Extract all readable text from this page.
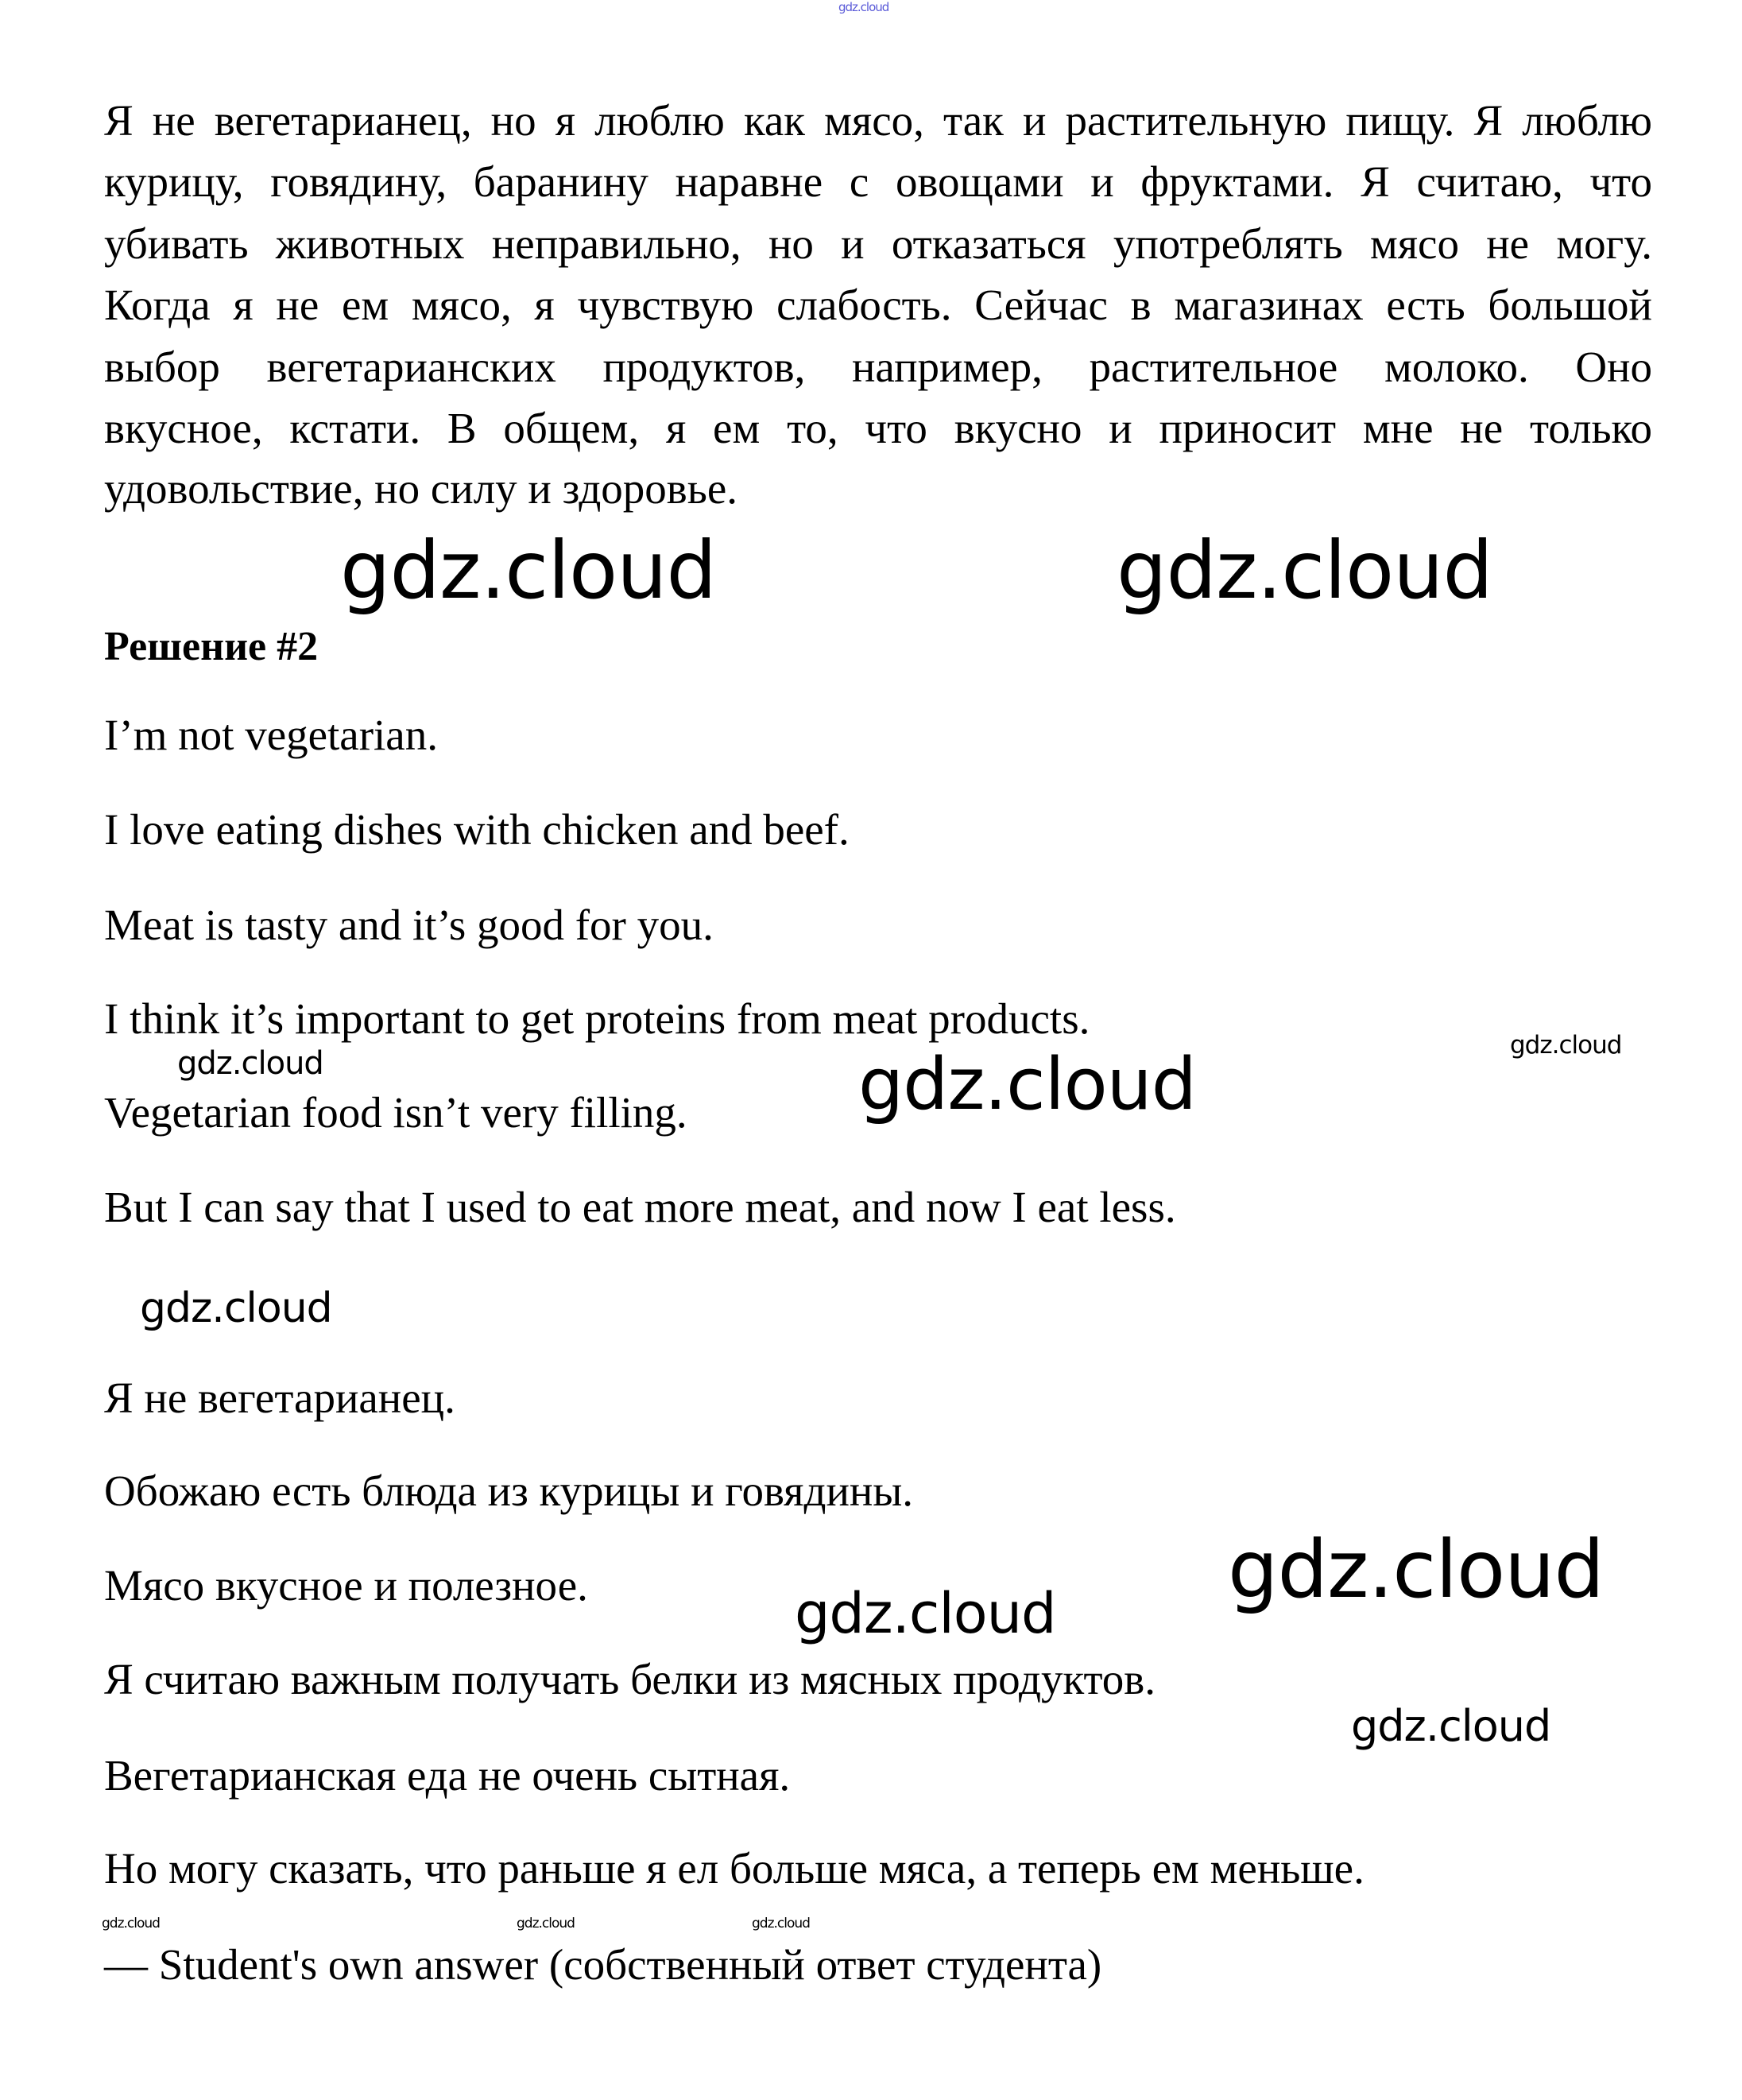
gdz.cloud
Я не вегетарианец, но я люблю как мясо, так и растительную пищу. Я люблю
курицу, говядину, баранину наравне с овощами и фруктами. Я считаю, что
убивать животных неправильно, но и отказаться употреблять мясо не могу.
Когда я не ем мясо, я чувствую слабость. Сейчас в магазинах есть большой
выбор вегетарианских продуктов, например, растительное молоко. Оно
вкусное, кстати. В общем, я ем то, что вкусно и приносит мне не только
удовольствие, но силу и здоровье.
Решение #2
I’m not vegetarian.
I love eating dishes with chicken and beef.
Meat is tasty and it’s good for you.
I think it’s important to get proteins from meat products.
Vegetarian food isn’t very filling.
But I can say that I used to eat more meat, and now I eat less.
Я не вегетарианец.
Обожаю есть блюда из курицы и говядины.
Мясо вкусное и полезное.
Я считаю важным получать белки из мясных продуктов.
Вегетарианская еда не очень сытная.
Но могу сказать, что раньше я ел больше мяса, а теперь ем меньше.
— Student's own answer (собственный ответ студента)
gdz.cloud	gdz.cloud
gdz.cloud	gdz.cloud	gdz.cloud
gdz.cloud
gdz.cloud
gdz.cloud
gdz.cloud
gdz.cloud	gdz.cloud	gdz.cloud
